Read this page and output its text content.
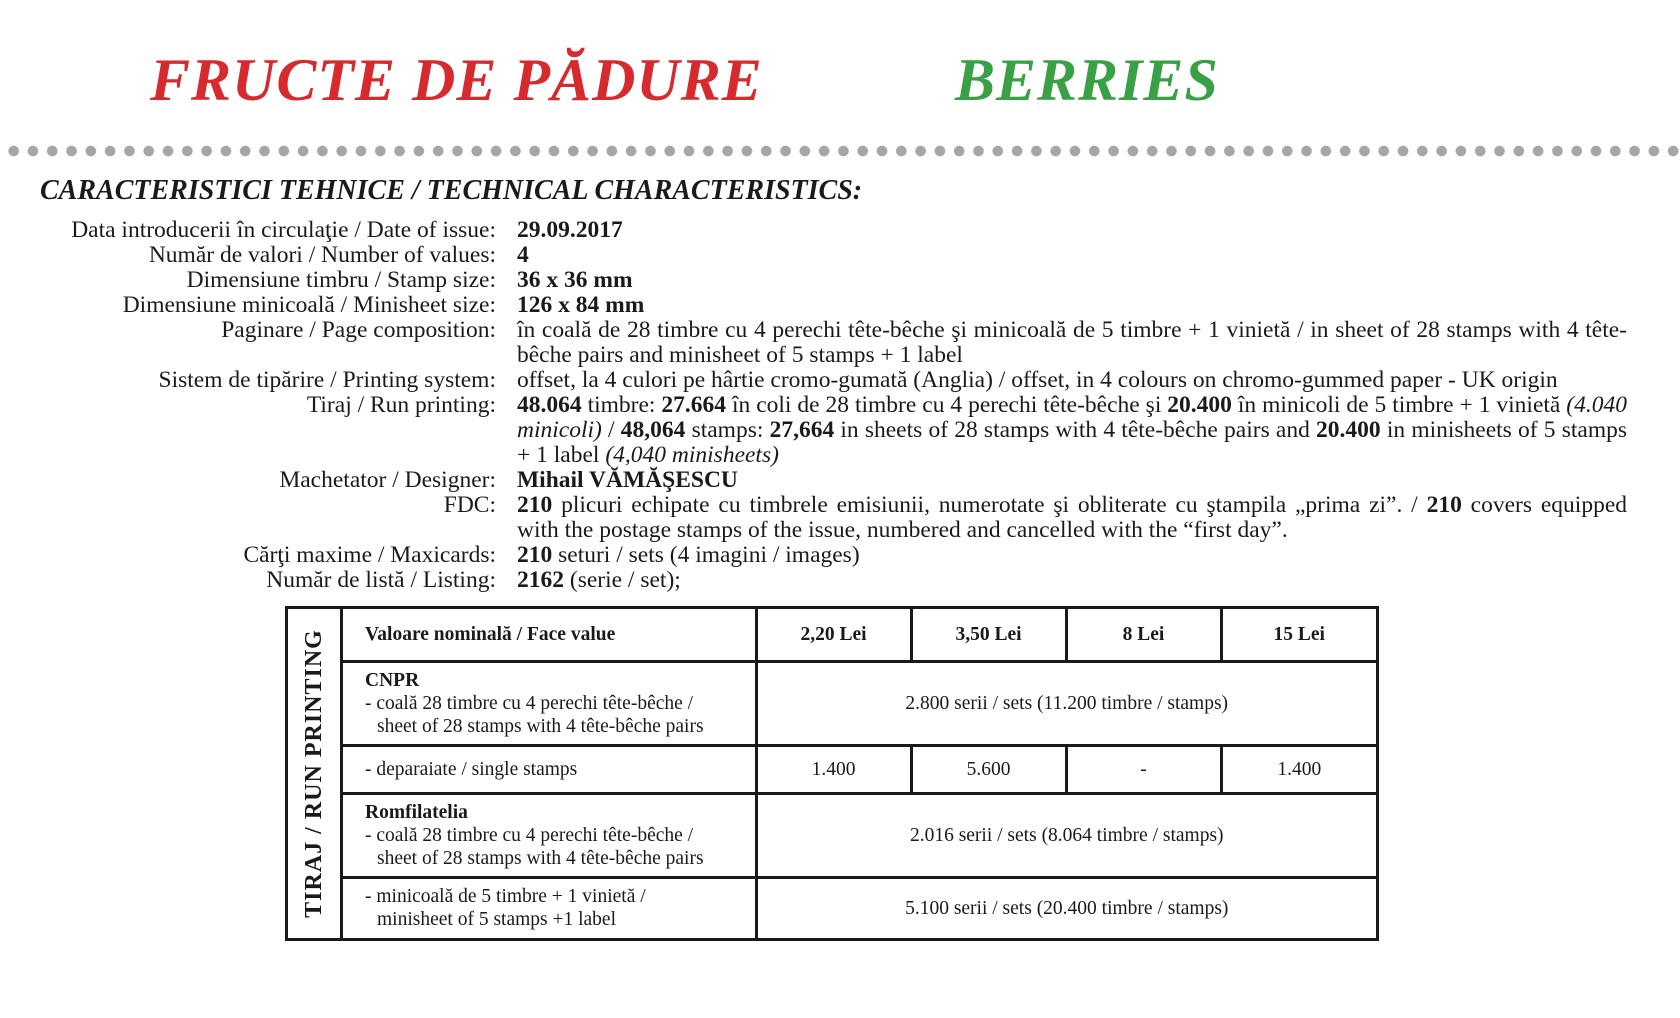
FRUCTE DE PĂDURE	BERRIES
CARACTERISTICI TEHNICE / TECHNICAL CHARACTERISTICS:
Data introducerii în circulaţie / Date of issue:	29.09.2017
Număr de valori / Number of values:	4
Dimensiune timbru / Stamp size:	36 x 36 mm
Dimensiune minicoală / Minisheet size:	126 x 84 mm
Paginare / Page composition:	în coală de 28 timbre cu 4 perechi tête-bêche şi minicoală de 5 timbre + 1 vinietă / in sheet of 28 stamps with 4 tête-bêche pairs and minisheet of 5 stamps + 1 label
Sistem de tipărire / Printing system:	offset, la 4 culori pe hârtie cromo-gumată (Anglia) / offset, in 4 colours on chromo-gummed paper - UK origin
Tiraj / Run printing:	48.064 timbre: 27.664 în coli de 28 timbre cu 4 perechi tête-bêche şi 20.400 în minicoli de 5 timbre + 1 vinietă (4.040 minicoli) / 48,064 stamps: 27,664 in sheets of 28 stamps with 4 tête-bêche pairs and 20.400 in minisheets of 5 stamps + 1 label (4,040 minisheets)
Machetator / Designer:	Mihail VĂMĂŞESCU
FDC:	210 plicuri echipate cu timbrele emisiunii, numerotate şi obliterate cu ştampila „prima zi”. / 210 covers equipped with the postage stamps of the issue, numbered and cancelled with the “first day”.
Cărţi maxime / Maxicards:	210 seturi / sets (4 imagini / images)
Număr de listă / Listing:	2162 (serie / set);
TIRAJ / RUN PRINTING Valoare nominală / Face value	2,20 Lei	3,50 Lei	8 Lei	15 Lei

CNPR
- coală 28 timbre cu 4 perechi tête-bêche /
sheet of 28 stamps with 4 tête-bêche pairs	2.800 serii / sets (11.200 timbre / stamps)			
- deparaiate / single stamps	1.400	5.600	-	1.400

Romfilatelia
- coală 28 timbre cu 4 perechi tête-bêche /
sheet of 28 stamps with 4 tête-bêche pairs	2.016 serii / sets (8.064 timbre / stamps)			

- minicoală de 5 timbre + 1 vinietă /
minisheet of 5 stamps +1 label	5.100 serii / sets (20.400 timbre / stamps)			
